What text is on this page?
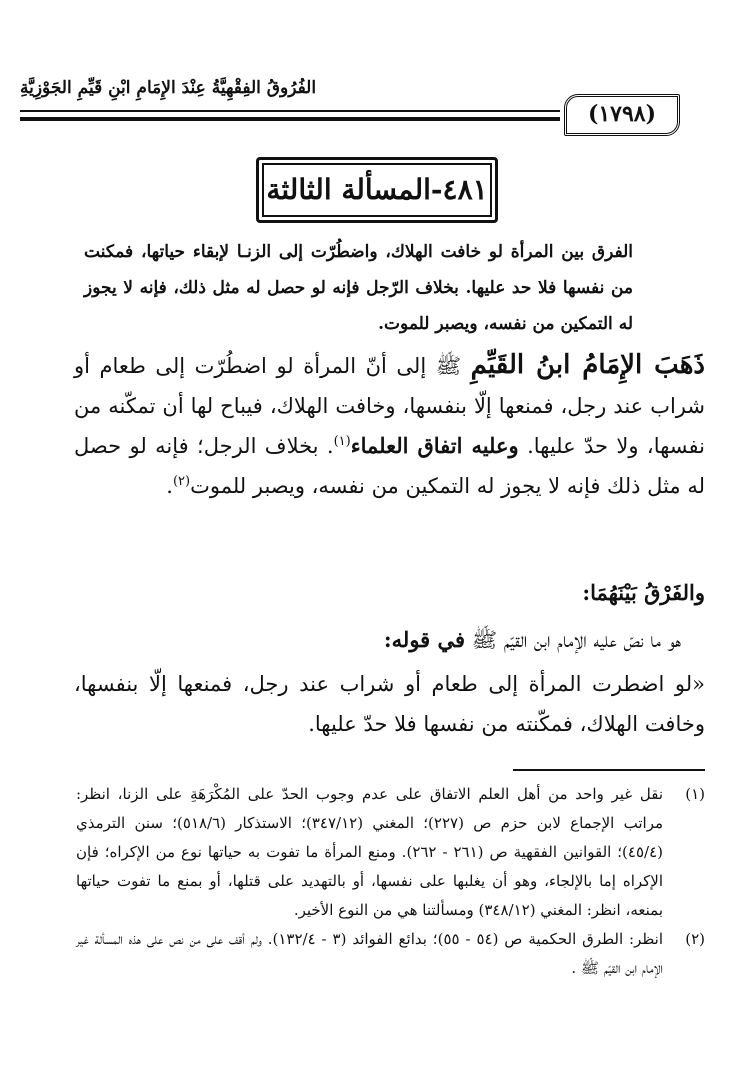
الفُرُوقُ الفِقْهِيَّةُ عِنْدَ الإِمَامِ ابْنِ قَيِّمِ الجَوْزِيَّةِ
(١٧٩٨)
٤٨١-المسألة الثالثة
الفرق بين المرأة لو خافت الهلاك، واضطُرّت إلى الزنـا لإبقاء حياتها، فمكنت من نفسها فلا حد عليها. بخلاف الرّجل فإنه لو حصل له مثل ذلك، فإنه لا يجوز له التمكين من نفسه، ويصبر للموت.

ذَهَبَ الإِمَامُ ابنُ القَيِّمِ ﷺ إلى أنّ المرأة لو اضطُرّت إلى طعام أو شراب عند رجل، فمنعها إلّا بنفسها، وخافت الهلاك، فيباح لها أن تمكّنه من نفسها، ولا حدّ عليها. وعليه اتفاق العلماء$^{(١)}$. بخلاف الرجل؛ فإنه لو حصل له مثل ذلك فإنه لا يجوز له التمكين من نفسه، ويصبر للموت$^{(٢)}$.

والفَرْقُ بَيْنَهُمَا:
هو ما نصّ عليه الإمام ابن القيّم ﷺ في قوله:
«لو اضطرت المرأة إلى طعام أو شراب عند رجل، فمنعها إلّا بنفسها، وخافت الهلاك، فمكّنته من نفسها فلا حدّ عليها.
(١)
نقل غير واحد من أهل العلم الاتفاق على عدم وجوب الحدّ على المُكْرَهَةِ على الزنا، انظر: مراتب الإجماع لابن حزم ص (٢٢٧)؛ المغني (٣٤٧/١٢)؛ الاستذكار (٥١٨/٦)؛ سنن الترمذي (٤٥/٤)؛ القوانين الفقهية ص (٢٦١ - ٢٦٢). ومنع المرأة ما تفوت به حياتها نوع من الإكراه؛ فإن الإكراه إما بالإلجاء، وهو أن يغلبها على نفسها، أو بالتهديد على قتلها، أو بمنع ما تفوت حياتها بمنعه، انظر: المغني (٣٤٨/١٢) ومسألتنا هي من النوع الأخير.
(٢)
انظر: الطرق الحكمية ص (٥٤ - ٥٥)؛ بدائع الفوائد (٣ - ١٣٢/٤). ولم أقف على من نص على هذه المسألة غير الإمام ابن القيّم ﷺ .
